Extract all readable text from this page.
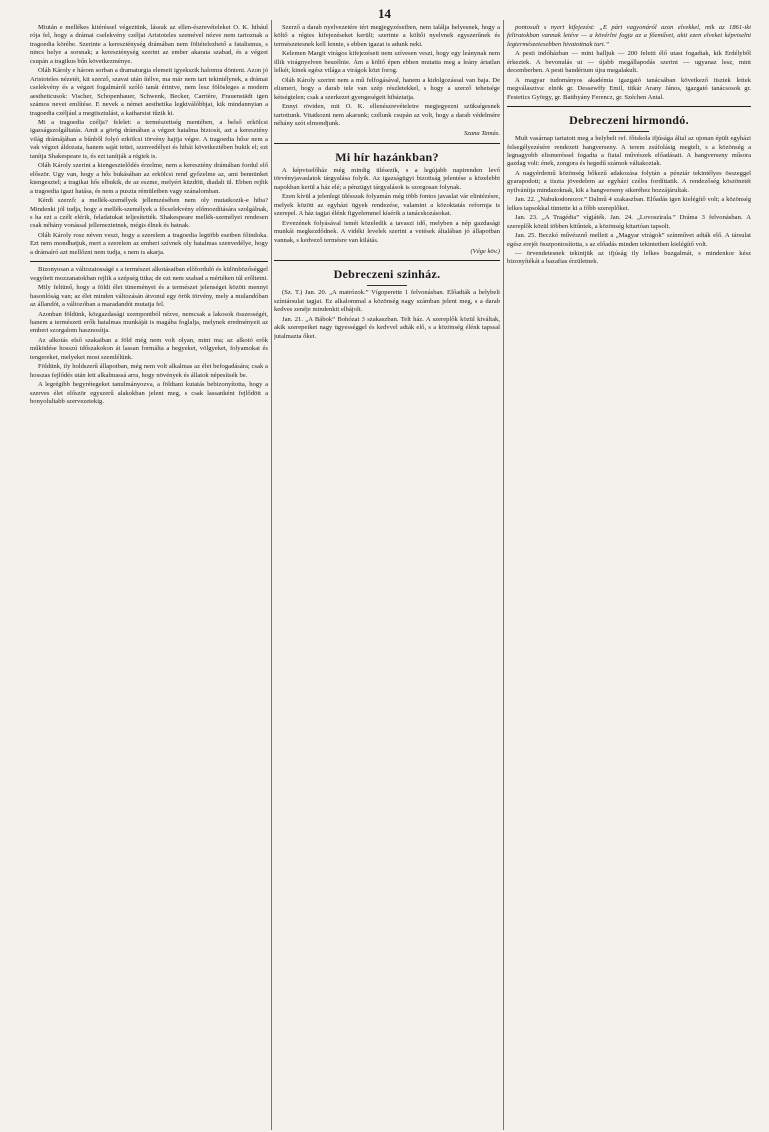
14

Miután e mellékes kitéréssel végeztünk, lássuk az ellen-észrevételeket O. K. hibául rója fel, hogy a drámai cselekvény czéljai Aristoteles szemével nézve nem tartoznak a tragoedia körébe. Szerinte a kereszténység drámában nem föltételezhető a fatalismus, s nincs helye a sorsnak; a kereszténység szerint az ember akarata szabad, és a végzet csupán a tragikus bűn következménye.

Oláh Károly e három sorban a dramaturgia elemeit igyekszik halomra dönteni. Azon jó Aristoteles nézetét, kit szerző, szavai után ítélve, ma már nem tart tekintélynek, a drámai cselekvény és a végzet fogalmáról szóló tanát érintve, nem lesz fölösleges a modern aestheticusok: Vischer, Schopenhauer, Schwenk, Becker, Carrière, Frauenstädt igen számos nevei említése. E nevek a német aesthetika legkiválóbbjai, kik mindannyian a tragoedia czéljául a megtisztulást, a katharsist tűzik ki.

Mi a tragoedia czélja? felelet: a természetiség mentében, a belső erkölcsi igazságszolgáltatás. Amit a görög drámában a végzet hatalma biztosít, azt a keresztény világ drámájában a bűnből folyó erkölcsi törvény hajtja végre. A tragoedia hőse nem a vak végzet áldozata, hanem saját tettei, szenvedélyei és hibái következtében bukik el; ezt tanítja Shakespeare is, és ezt tanítják a régiek is.

Oláh Károly szerint a kiengesztelődés érzelme, nem a keresztény drámában fordul elő először. Ugy van, hogy a hős bukásában az erkölcsi rend győzelme az, ami bennünket kiengesztel; a tragikai hős elbukik, de az eszme, melyért küzdött, diadalt ül. Ebben rejlik a tragoedia igazi hatása, és nem a puszta rémületben vagy szánalomban.

Kérdi szerző: a mellék-személyek jellemzésében nem oly mutatkozik-e hiba? Mindenki jól tudja, hogy a mellék-személyek a főcselekvény előmozdítására szolgálnak, s ha ezt a czélt elérik, feladatukat teljesítették. Shakespeare mellék-személyei rendesen csak néhány vonással jellemeztetnek, mégis élnek és hatnak.

Oláh Károly rosz néven veszi, hogy a szerelem a tragoedia legtöbb esetben főindoka. Ezt nem mondhatjuk, mert a szerelem az emberi szívnek oly hatalmas szenvedélye, hogy a drámaíró azt mellőzni nem tudja, s nem is akarja.

Bizonyosan a változatosságé s a természet alkotásaiban előforduló és különbözőséggel vegyített mozzanatokban rejlik a szépség titka; de ezt nem szabad a mértéken túl erőltetni.

Mily feltünő, hogy a földi élet tüneményei és a természet jelenségei között mennyi hasonlóság van; az élet minden változásán átvonul egy örök törvény, mely a mulandóban az állandót, a változóban a maradandót mutatja fel.

Azonban földünk, közgazdasági szempontból nézve, nemcsak a lakosok összességét, hanem a természeti erők hatalmas munkáját is magába foglalja, melynek eredményeit az emberi szorgalom hasznosítja.

Az alkotás első szakaiban a föld még nem volt olyan, mint ma; az alkotó erők működése hosszú időszakokon át lassan formálta a hegyeket, völgyeket, folyamokat és tengereket, melyeket most szemlélünk.

Földünk, ily holdszerű állapotban, még nem volt alkalmas az élet befogadására; csak a hosszas fejlődés után lett alkalmassá arra, hogy növények és állatok népesítsék be.

A legrégibb hegyrétegeket tanulmányozva, a földtani kutatás bebizonyította, hogy a szerves élet először egyszerű alakokban jelent meg, s csak lassanként fejlődött a bonyolultabb szervezetekig.

Szerző a darab nyelvezetére tért megjegyzéseiben, nem találja helyesnek, hogy a költő a régies kifejezéseket kerüli; szerinte a költői nyelvnek egyszerűnek és természetesnek kell lennie, s ebben igazat is adunk neki.

Kelemen Margit virágos kifejezéseit nem szívesen veszi, hogy egy leánynak nem illik virágnyelven beszélnie. Ám a költő épen ebben mutatta meg a leány ártatlan lelkét, kinek egész világa a virágok közt forog.

Oláh Károly szerint nem a mű felfogásával, hanem a kidolgozással van baja. De elismeri, hogy a darab tele van szép részletekkel, s hogy a szerző tehetsége kétségtelen; csak a szerkezet gyengeségeit hibáztatja.

Ennyi röviden, mit O. K. ellenészrevételeire megjegyezni szükségesnek tartottunk. Vitatkozni nem akarunk; czélunk csupán az volt, hogy a darab védelmére néhány szót elmondjunk.

Szana Tamás.
Mi hír hazánkban?

A képviselőház még mindig ülésezik, s a legújabb napirenden levő törvényjavaslatok tárgyalása folyik. Az igazságügyi bizottság jelentése a közelebbi napokban kerül a ház elé; a pénzügyi tárgyalások is szorgosan folynak.

Ezen kívül a jelenlegi ülésszak folyamán még több fontos javaslat vár elintézésre, melyek között az egyházi ügyek rendezése, valamint a közoktatás reformja is szerepel. A ház tagjai élénk figyelemmel kísérik a tanácskozásokat.

Evvezének folyásával ismét közeledik a tavaszi idő, melyben a nép gazdasági munkái megkezdődnek. A vidéki levelek szerint a vetések általában jó állapotban vannak, s kedvező termésre van kilátás.

(Vége köv.)
Debreczeni szinház.

(Sz. T.) Jan. 20. „A matrózok.” Vígoperette 1 felvonásban. Előadták a helybeli színtársulat tagjai. Ez alkalommal a közönség nagy számban jelent meg, s a darab kedves zenéje mindenkit elbájolt.

Jan. 21. „A Bábok” Bohózat 3 szakaszban. Telt ház. A szereplők közül kiváltak, akik szerepeiket nagy ügyességgel és kedvvel adták elő, s a közönség élénk tapssal jutalmazta őket.

pontosult s nyert kifejezést: „E párt vagyonáról azon elvekkel, mik az 1861-iki feliratokban vannak letéve — a kövérlni fogja az a főeművet, akit ezen elveket képviselni legtermészetesebben hivatottnak tart.”

A pesti indóházban — mint halljuk — 200 feletti élő utast fogadtak, kik Erdélyből érkeztek. A bevonulás ut — újabb megállapodás szerint — ugyanaz lesz, mint decemberben. A pesti bandérium újra megalakult.

A magyar tudományos akadémia igazgató tanácsában következő tisztek lettek megválasztva: elnök gr. Dessewffy Emil, titkár Arany János, igazgató tanácsosok gr. Festetics György, gr. Batthyány Ferencz, gr. Széchen Antal.

Debreczeni hirmondó.

Mult vasárnap tartatott meg a helybeli ref. főiskola ifjúsága által az ujonan épült egyházi felsegélyezésére rendezett hangverseny. A terem zsúfolásig megtelt, s a közönség a legnagyobb elismeréssel fogadta a fiatal művészek előadásait. A hangverseny műsora gazdag volt: ének, zongora és hegedű számok váltakoztak.

A nagyérdemű közönség bőkezű adakozása folytán a pénztár tekintélyes összeggel gyarapodott; a tiszta jövedelem az egyházi czélra fordíttatik. A rendezőség köszönetét nyilvánítja mindazoknak, kik a hangverseny sikeréhez hozzájárultak.

Jan. 22. „Nabukodonozor.” Dalmű 4 szakaszban. Előadás igen kielégítő volt; a közönség lelkes tapsokkal tüntette ki a főbb szereplőket.

Jan. 23. „A Tragédia” vígjáték. Jan. 24. „Lovoszirala.” Dráma 3 felvonásban. A szereplők közül többen kitűntek, a közönség kitartóan tapsolt.

Jan. 25. Beczkó művésznő mellett a „Magyar virágok” színművet adták elő. A társulat egész erejét összpontosította, s az előadás minden tekintetben kielégítő volt.

— örvendetesnek tekintjük az ifjúság ily lelkes buzgalmát, s mindenkor kész bizonyítékát a hazafias érzületnek.
